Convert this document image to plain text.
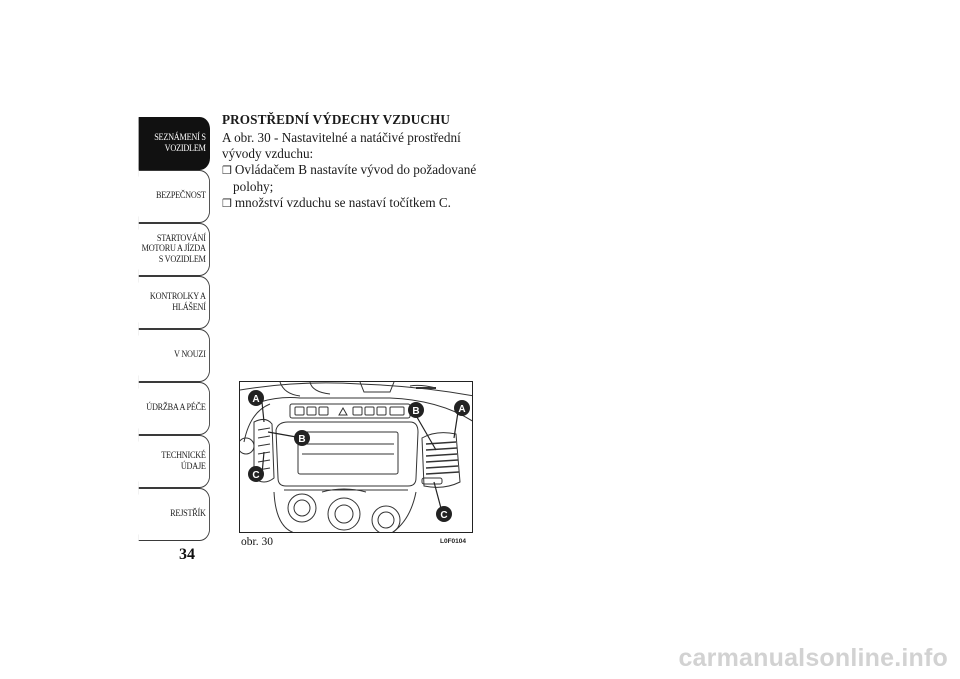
SEZNÁMENÍ S
VOZIDLEM
BEZPEČNOST
STARTOVÁNÍ
MOTORU A JÍZDA
S VOZIDLEM
KONTROLKY A
HLÁŠENÍ
V NOUZI
ÚDRŽBA A PÉČE
TECHNICKÉ
ÚDAJE
REJSTŘÍK
34
PROSTŘEDNÍ VÝDECHY VZDUCHU

A obr. 30 - Nastavitelné a natáčivé prostřední vývody vzduchu:

❒ Ovládačem B nastavíte vývod do požadované polohy;

❒ množství vzduchu se nastaví točítkem C.

A
B
A
B
C
C
obr. 30	L0F0104
carmanualsonline.info
